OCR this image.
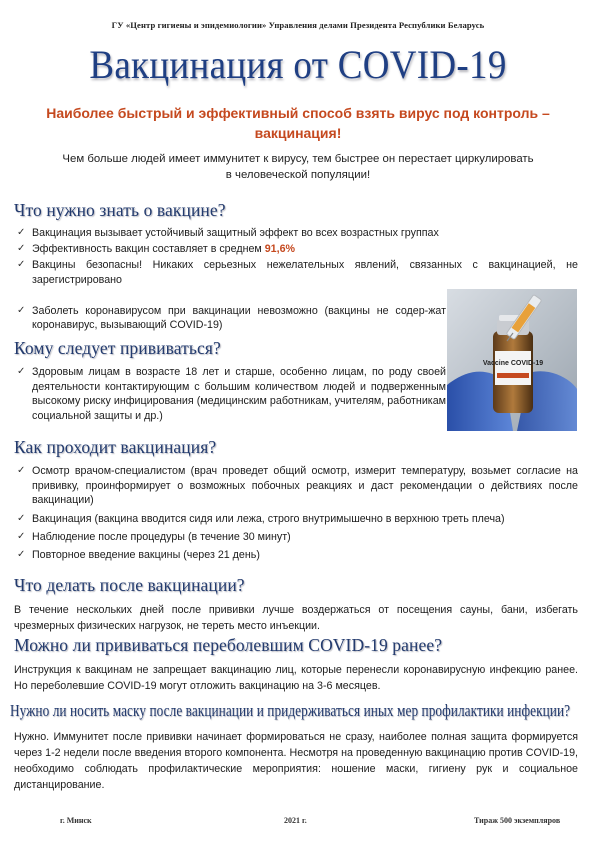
ГУ «Центр гигиены и эпидемиологии» Управления делами Президента Республики Беларусь
Вакцинация от COVID-19
Наиболее быстрый и эффективный способ взять вирус под контроль –
вакцинация!
Чем больше людей имеет иммунитет к вирусу, тем быстрее он перестает циркулировать
в человеческой популяции!
Что нужно знать о вакцине?
✓ Вакцинация вызывает устойчивый защитный эффект во всех возрастных группах
✓ Эффективность вакцин составляет в среднем 91,6%
✓ Вакцины безопасны! Никаких серьезных нежелательных явлений, связанных с вакцинацией, не зарегистрировано
✓ Заболеть коронавирусом при вакцинации невозможно (вакцины не содер-жат коронавирус, вызывающий COVID-19)
Кому следует прививаться?
✓ Здоровым лицам в возрасте 18 лет и старше, особенно лицам, по роду своей деятельности контактирующим с большим количеством людей и подверженным высокому риску инфицирования (медицинским работникам, учителям, работникам социальной защиты и др.)
Vaccine COVID-19
Как проходит вакцинация?
✓ Осмотр врачом-специалистом (врач проведет общий осмотр, измерит температуру, возьмет согласие на прививку, проинформирует о возможных побочных реакциях и даст рекомендации о действиях после вакцинации)
✓ Вакцинация (вакцина вводится сидя или лежа, строго внутримышечно в верхнюю треть плеча)
✓ Наблюдение после процедуры (в течение 30 минут)
✓ Повторное введение вакцины (через 21 день)
Что делать после вакцинации?
В течение нескольких дней после прививки лучше воздержаться от посещения сауны, бани, избегать чрезмерных физических нагрузок, не тереть место инъекции.
Можно ли прививаться переболевшим COVID-19 ранее?
Инструкция к вакцинам не запрещает вакцинацию лиц, которые перенесли коронавирусную инфекцию ранее. Но переболевшие COVID-19 могут отложить вакцинацию на 3-6 месяцев.
Нужно ли носить маску после вакцинации и придерживаться иных мер профилактики инфекции?
Нужно. Иммунитет после прививки начинает формироваться не сразу, наиболее полная защита формируется через 1-2 недели после введения второго компонента. Несмотря на проведенную вакцинацию против COVID-19, необходимо соблюдать профилактические мероприятия: ношение маски, гигиену рук и социальное дистанцирование.
г. Минск	2021 г.	Тираж 500 экземпляров
